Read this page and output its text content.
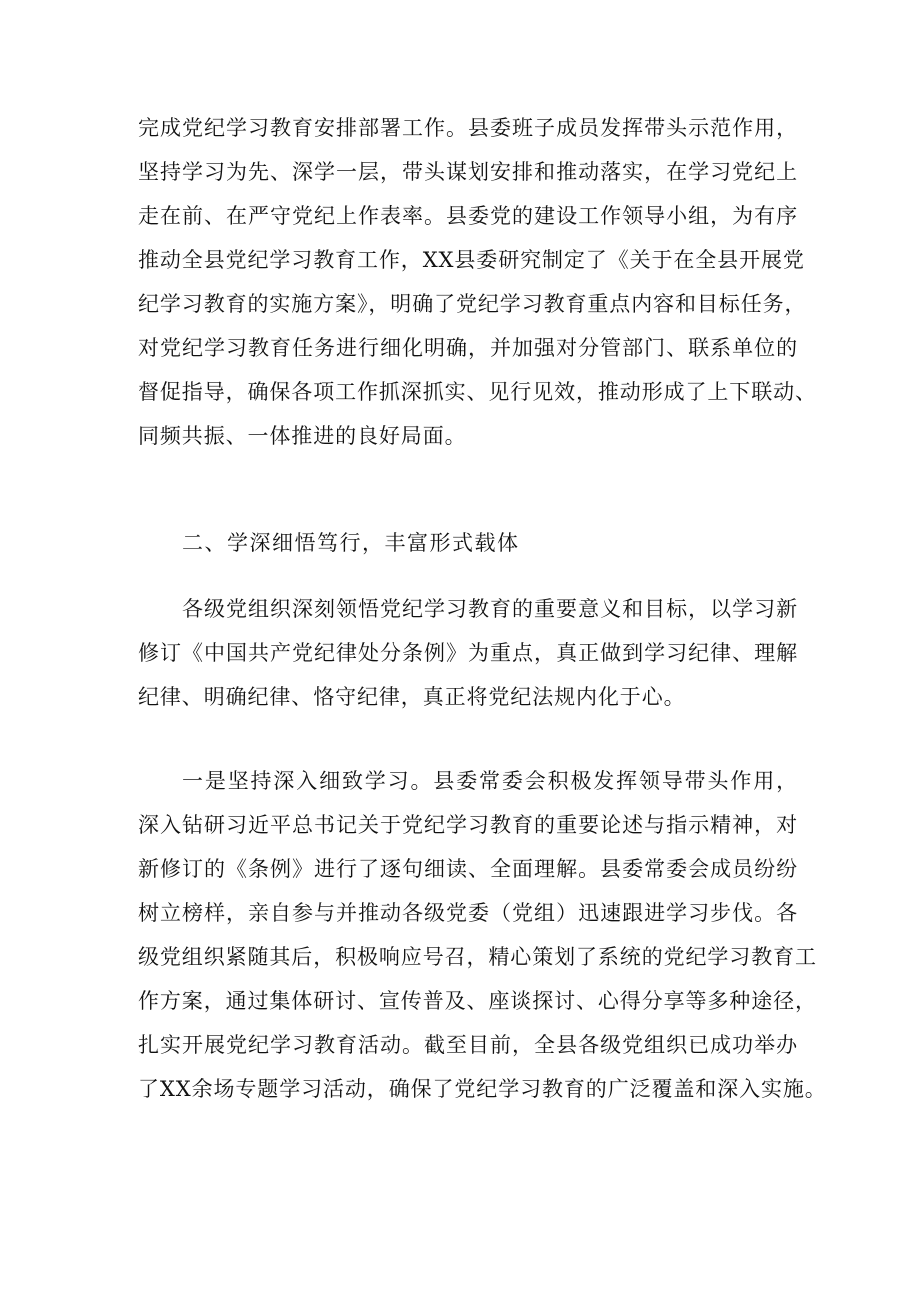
完成党纪学习教育安排部署工作。县委班子成员发挥带头示范作用，
坚持学习为先、深学一层，带头谋划安排和推动落实，在学习党纪上
走在前、在严守党纪上作表率。县委党的建设工作领导小组，为有序
推动全县党纪学习教育工作，XX县委研究制定了《关于在全县开展党
纪学习教育的实施方案》，明确了党纪学习教育重点内容和目标任务，
对党纪学习教育任务进行细化明确，并加强对分管部门、联系单位的
督促指导，确保各项工作抓深抓实、见行见效，推动形成了上下联动、
同频共振、一体推进的良好局面。
二、学深细悟笃行，丰富形式载体
各级党组织深刻领悟党纪学习教育的重要意义和目标，以学习新
修订《中国共产党纪律处分条例》为重点，真正做到学习纪律、理解
纪律、明确纪律、恪守纪律，真正将党纪法规内化于心。
一是坚持深入细致学习。县委常委会积极发挥领导带头作用，
深入钻研习近平总书记关于党纪学习教育的重要论述与指示精神，对
新修订的《条例》进行了逐句细读、全面理解。县委常委会成员纷纷
树立榜样，亲自参与并推动各级党委（党组）迅速跟进学习步伐。各
级党组织紧随其后，积极响应号召，精心策划了系统的党纪学习教育工
作方案，通过集体研讨、宣传普及、座谈探讨、心得分享等多种途径，
扎实开展党纪学习教育活动。截至目前，全县各级党组织已成功举办
了XX余场专题学习活动，确保了党纪学习教育的广泛覆盖和深入实施。
